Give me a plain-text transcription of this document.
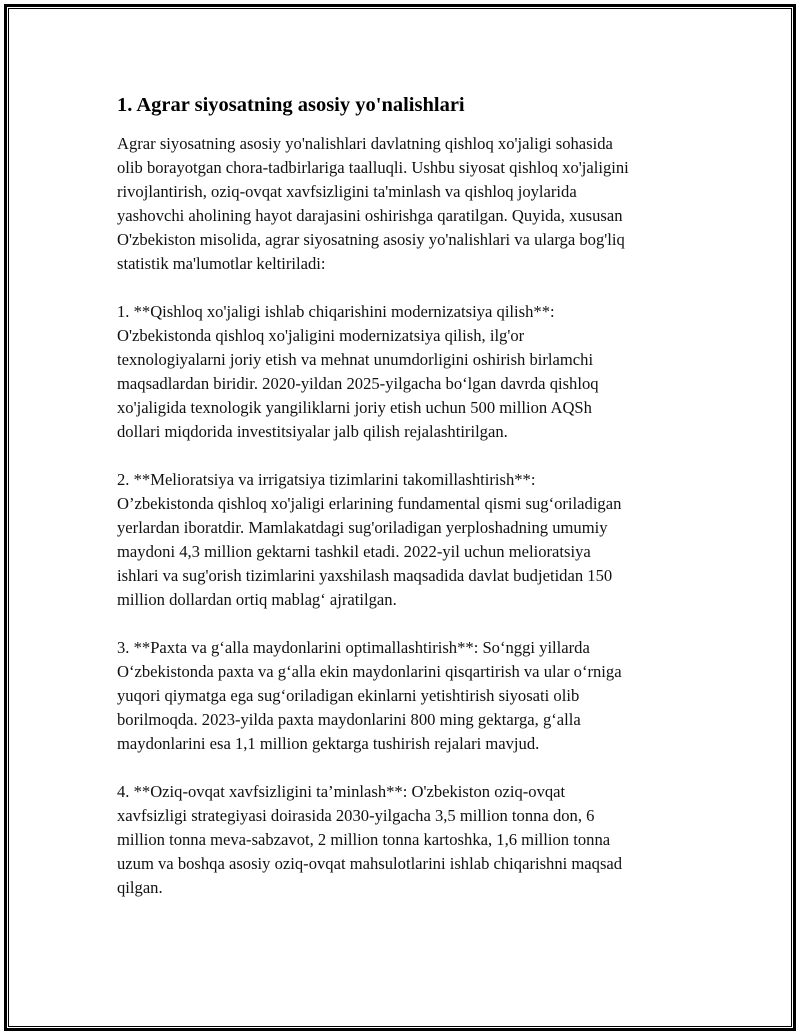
1. Agrar siyosatning asosiy yo'nalishlari

Agrar siyosatning asosiy yo'nalishlari davlatning qishloq xo'jaligi sohasida
olib borayotgan chora-tadbirlariga taalluqli. Ushbu siyosat qishloq xo'jaligini
rivojlantirish, oziq-ovqat xavfsizligini ta'minlash va qishloq joylarida
yashovchi aholining hayot darajasini oshirishga qaratilgan. Quyida, xususan
O'zbekiston misolida, agrar siyosatning asosiy yo'nalishlari va ularga bog'liq
statistik ma'lumotlar keltiriladi:

1. **Qishloq xo'jaligi ishlab chiqarishini modernizatsiya qilish**:
O'zbekistonda qishloq xo'jaligini modernizatsiya qilish, ilg'or
texnologiyalarni joriy etish va mehnat unumdorligini oshirish birlamchi
maqsadlardan biridir. 2020-yildan 2025-yilgacha bo‘lgan davrda qishloq
xo'jaligida texnologik yangiliklarni joriy etish uchun 500 million AQSh
dollari miqdorida investitsiyalar jalb qilish rejalashtirilgan.

2. **Melioratsiya va irrigatsiya tizimlarini takomillashtirish**:
O’zbekistonda qishloq xo'jaligi erlarining fundamental qismi sug‘oriladigan
yerlardan iboratdir. Mamlakatdagi sug'oriladigan yerploshadning umumiy
maydoni 4,3 million gektarni tashkil etadi. 2022-yil uchun melioratsiya
ishlari va sug'orish tizimlarini yaxshilash maqsadida davlat budjetidan 150
million dollardan ortiq mablag‘ ajratilgan.

3. **Paxta va g‘alla maydonlarini optimallashtirish**: So‘nggi yillarda
O‘zbekistonda paxta va g‘alla ekin maydonlarini qisqartirish va ular o‘rniga
yuqori qiymatga ega sug‘oriladigan ekinlarni yetishtirish siyosati olib
borilmoqda. 2023-yilda paxta maydonlarini 800 ming gektarga, g‘alla
maydonlarini esa 1,1 million gektarga tushirish rejalari mavjud.

4. **Oziq-ovqat xavfsizligini ta’minlash**: O'zbekiston oziq-ovqat
xavfsizligi strategiyasi doirasida 2030-yilgacha 3,5 million tonna don, 6
million tonna meva-sabzavot, 2 million tonna kartoshka, 1,6 million tonna
uzum va boshqa asosiy oziq-ovqat mahsulotlarini ishlab chiqarishni maqsad
qilgan.
